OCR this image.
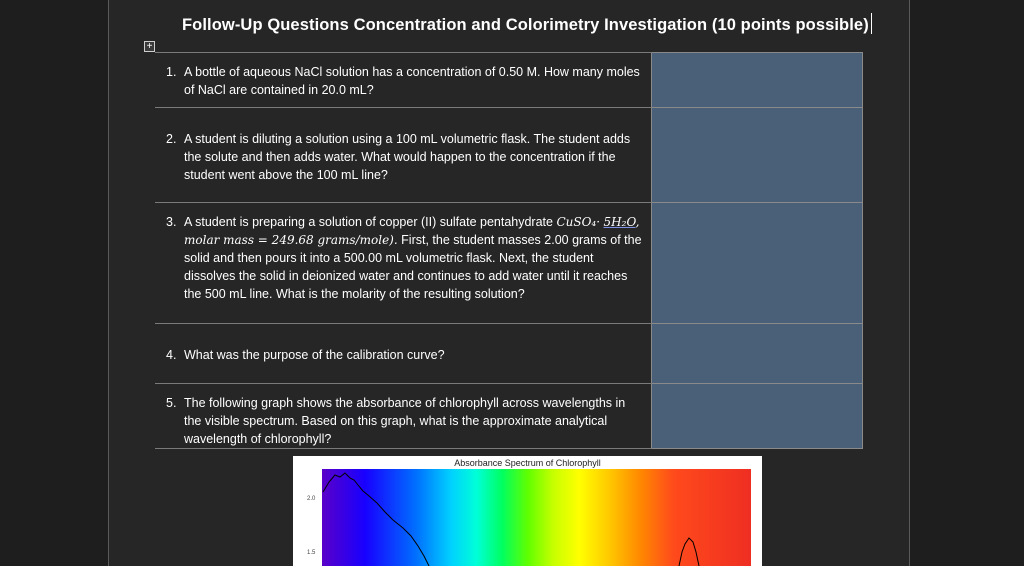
Follow-Up Questions Concentration and Colorimetry Investigation (10 points possible)
+
1. A bottle of aqueous NaCl solution has a concentration of 0.50 M. How many moles of NaCl are contained in 20.0 mL?	

2. A student is diluting a solution using a 100 mL volumetric flask. The student adds the solute and then adds water. What would happen to the concentration if the student went above the 100 mL line?	

3. A student is preparing a solution of copper (II) sulfate pentahydrate CuSO₄· 5H₂O, molar mass = 249.68 grams/mole). First, the student masses 2.00 grams of the solid and then pours it into a 500.00 mL volumetric flask. Next, the student dissolves the solid in deionized water and continues to add water until it reaches the 500 mL line. What is the molarity of the resulting solution?	

4. What was the purpose of the calibration curve?	

5. The following graph shows the absorbance of chlorophyll across wavelengths in the visible spectrum. Based on this graph, what is the approximate analytical wavelength of chlorophyll?	

Absorbance Spectrum of Chlorophyll
2.0
1.5
